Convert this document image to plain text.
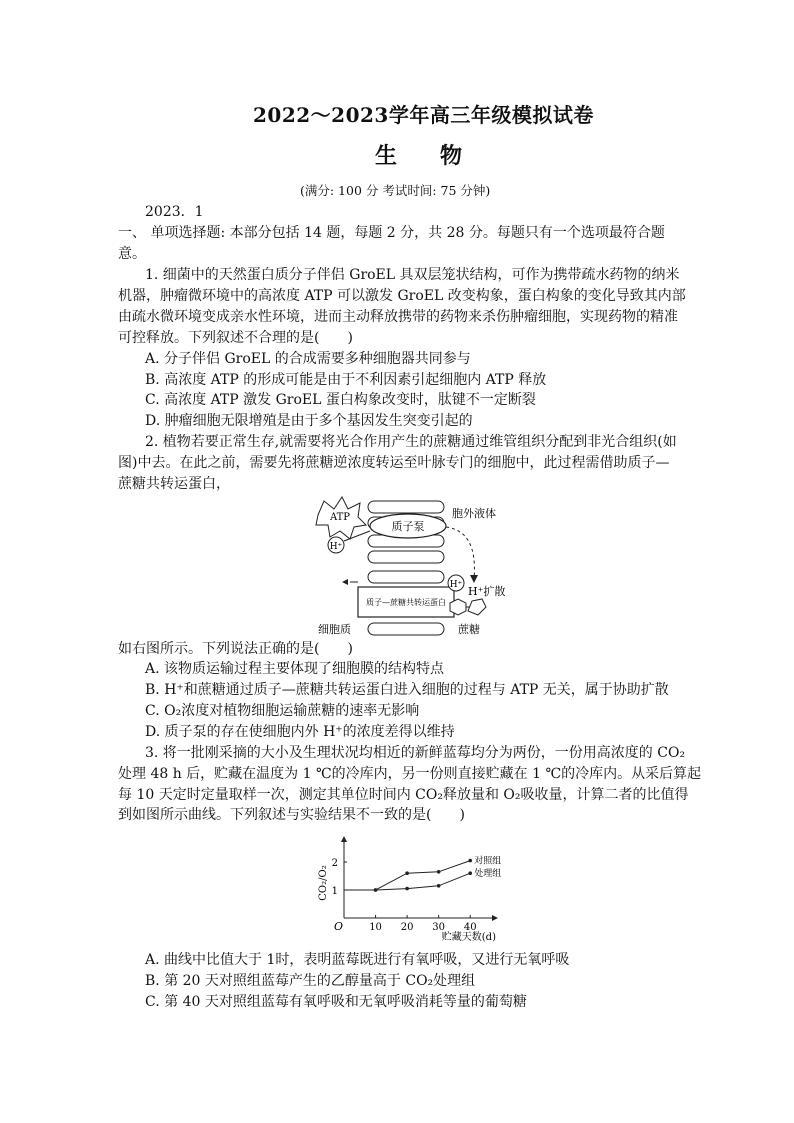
2022～2023学年高三年级模拟试卷
生 物
(满分: 100 分 考试时间: 75 分钟)
2023．1
一、 单项选择题: 本部分包括 14 题，每题 2 分，共 28 分。每题只有一个选项最符合题
意。
1. 细菌中的天然蛋白质分子伴侣 GroEL 具双层笼状结构，可作为携带疏水药物的纳米
机器，肿瘤微环境中的高浓度 ATP 可以激发 GroEL 改变构象，蛋白构象的变化导致其内部
由疏水微环境变成亲水性环境，进而主动释放携带的药物来杀伤肿瘤细胞，实现药物的精准
可控释放。下列叙述不合理的是(　　)
A. 分子伴侣 GroEL 的合成需要多种细胞器共同参与
B. 高浓度 ATP 的形成可能是由于不利因素引起细胞内 ATP 释放
C. 高浓度 ATP 激发 GroEL 蛋白构象改变时，肽键不一定断裂
D. 肿瘤细胞无限增殖是由于多个基因发生突变引起的
2. 植物若要正常生存,就需要将光合作用产生的蔗糖通过维管组织分配到非光合组织(如
图)中去。在此之前，需要先将蔗糖逆浓度转运至叶脉专门的细胞中，此过程需借助质子—
蔗糖共转运蛋白，
质子泵
ATP
H⁺
胞外液体
质子—蔗糖共转运蛋白
H⁺ H⁺扩散
蔗糖
细胞质
如右图所示。下列说法正确的是(　　)
A. 该物质运输过程主要体现了细胞膜的结构特点
B. H⁺和蔗糖通过质子—蔗糖共转运蛋白进入细胞的过程与 ATP 无关，属于协助扩散
C. O₂浓度对植物细胞运输蔗糖的速率无影响
D. 质子泵的存在使细胞内外 H⁺的浓度差得以维持
3. 将一批刚采摘的大小及生理状况均相近的新鲜蓝莓均分为两份，一份用高浓度的 CO₂
处理 48 h 后，贮藏在温度为 1 ℃的冷库内，另一份则直接贮藏在 1 ℃的冷库内。从采后算起
每 10 天定时定量取样一次，测定其单位时间内 CO₂释放量和 O₂吸收量，计算二者的比值得
到如图所示曲线。下列叙述与实验结果不一致的是(　　)
10 20 30 40
1
2
O
贮藏天数(d)
CO₂/O₂
对照组
处理组
A. 曲线中比值大于 1时，表明蓝莓既进行有氧呼吸，又进行无氧呼吸
B. 第 20 天对照组蓝莓产生的乙醇量高于 CO₂处理组
C. 第 40 天对照组蓝莓有氧呼吸和无氧呼吸消耗等量的葡萄糖
